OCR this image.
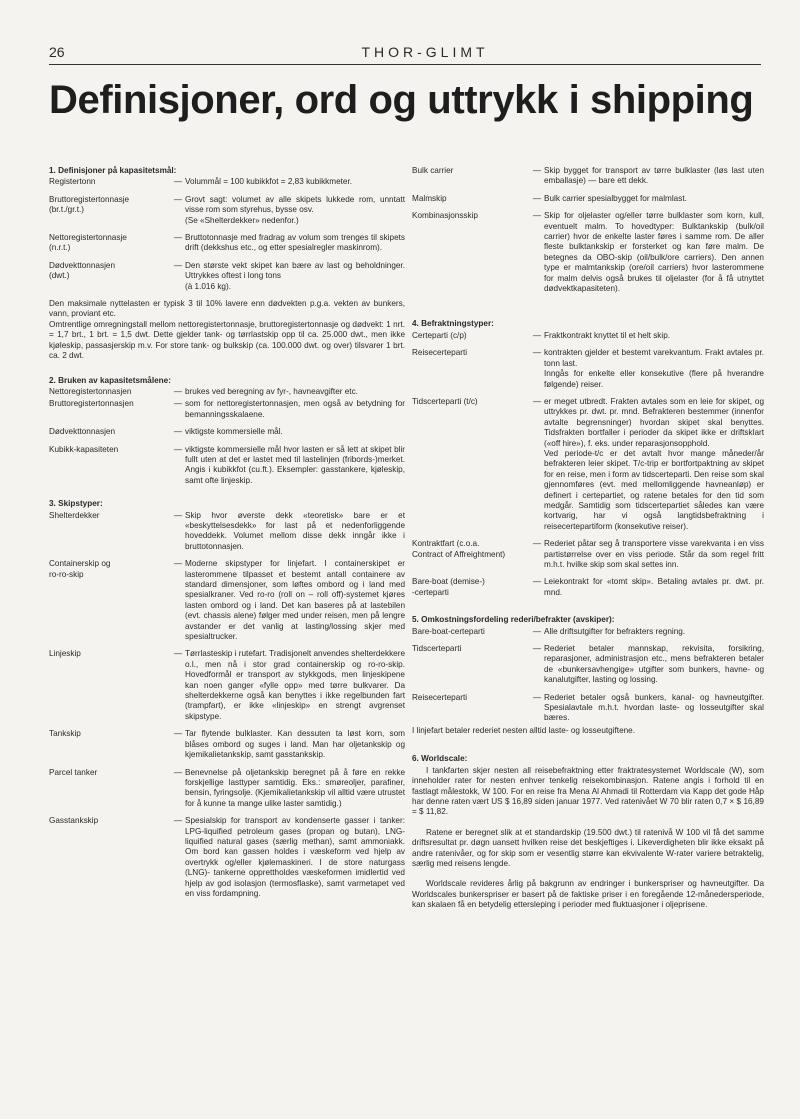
26	THOR-GLIMT
Definisjoner, ord og uttrykk i shipping
1. Definisjoner på kapasitetsmål:
Registertonn	— Volummål = 100 kubikkfot = 2,83 kubikkmeter.
Bruttoregistertonnasje
(br.t./gr.t.)
— Grovt sagt: volumet av alle skipets lukkede rom, unntatt visse rom som styrehus, bysse osv.
(Se «Shelterdekker» nedenfor.)
Nettoregistertonnasje
(n.r.t.)
— Bruttotonnasje med fradrag av volum som trenges til skipets drift (dekkshus etc., og etter spesialregler maskinrom).
Dødvekttonnasjen
(dwt.)
— Den største vekt skipet kan bære av last og beholdninger. Uttrykkes oftest i long tons
(à 1.016 kg).
Den maksimale nyttelasten er typisk 3 til 10% lavere enn dødvekten p.g.a. vekten av bunkers, vann, proviant etc.
Omtrentlige omregningstall mellom nettoregistertonnasje, bruttoregistertonnasje og dødvekt: 1 nrt. = 1,7 brt., 1 brt. = 1,5 dwt. Dette gjelder tank- og tørrlastskip opp til ca. 25.000 dwt., men ikke kjøleskip, passasjerskip m.v. For store tank- og bulkskip (ca. 100.000 dwt. og over) tilsvarer 1 brt. ca. 2 dwt.
2. Bruken av kapasitetsmålene:
Nettoregistertonnasjen	— brukes ved beregning av fyr-, havneavgifter etc.
Bruttoregistertonnasjen	— som for nettoregistertonnasjen, men også av betydning for bemanningsskalaene.
Dødvekttonnasjen	— viktigste kommersielle mål.
Kubikk-kapasiteten	— viktigste kommersielle mål hvor lasten er så lett at skipet blir fullt uten at det er lastet med til lastelinjen (fribords-)merket. Angis i kubikkfot (cu.ft.). Eksempler: gasstankere, kjøleskip, samt ofte linjeskip.
3. Skipstyper:
Shelterdekker	— Skip hvor øverste dekk «teoretisk» bare er et «beskyttelsesdekk» for last på et nedenforliggende hoveddekk. Volumet mellom disse dekk inngår ikke i bruttotonnasjen.
Containerskip og
ro-ro-skip
— Moderne skipstyper for linjefart. I containerskipet er lasterommene tilpasset et bestemt antall containere av standard dimensjoner, som løftes ombord og i land med spesialkraner. Ved ro-ro (roll on – roll off)-systemet kjøres lasten ombord og i land. Det kan baseres på at lastebilen (evt. chassis alene) følger med under reisen, men på lengre avstander er det vanlig at lasting/lossing skjer med spesialtrucker.
Linjeskip	— Tørrlasteskip i rutefart. Tradisjonelt anvendes shelterdekkere o.l., men nå i stor grad containerskip og ro-ro-skip. Hovedformål er transport av stykkgods, men linjeskipene kan noen ganger «fylle opp» med tørre bulkvarer. Da shelterdekkerne også kan benyttes i ikke regelbunden fart (trampfart), er ikke «linjeskip» en strengt avgrenset skipstype.
Tankskip	— Tar flytende bulklaster. Kan dessuten ta løst korn, som blåses ombord og suges i land. Man har oljetankskip og kjemikalietankskip, samt gasstankskip.
Parcel tanker	— Benevnelse på oljetankskip beregnet på å føre en rekke forskjellige lasttyper samtidig. Eks.: smøreoljer, parafiner, bensin, fyringsolje. (Kjemikalietankskip vil alltid være utrustet for å kunne ta mange ulike laster samtidig.)
Gasstankskip	— Spesialskip for transport av kondenserte gasser i tanker: LPG-liquified petroleum gases (propan og butan), LNG-liquified natural gases (særlig methan), samt ammoniakk. Om bord kan gassen holdes i væskeform ved hjelp av overtrykk og/eller kjølemaskineri. I de store naturgass (LNG)- tankerne opprettholdes væskeformen imidlertid ved hjelp av god isolasjon (termosflaske), samt varmetapet ved en viss fordampning.
Bulk carrier	— Skip bygget for transport av tørre bulklaster (løs last uten emballasje) — bare ett dekk.
Malmskip	— Bulk carrier spesialbygget for malmlast.
Kombinasjonsskip	— Skip for oljelaster og/eller tørre bulklaster som korn, kull, eventuelt malm. To hovedtyper: Bulktankskip (bulk/oil carrier) hvor de enkelte laster føres i samme rom. De aller fleste bulktankskip er forsterket og kan føre malm. De betegnes da OBO-skip (oil/bulk/ore carriers). Den annen type er malmtankskip (ore/oil carriers) hvor lasterommene for malm delvis også brukes til oljelaster (for å få utnyttet dødvektkapasiteten).
4. Befraktningstyper:
Certeparti (c/p)	— Fraktkontrakt knyttet til et helt skip.
Reisecerteparti	— kontrakten gjelder et bestemt varekvantum. Frakt avtales pr. tonn last.
Inngås for enkelte eller konsekutive (flere på hverandre følgende) reiser.
Tidscerteparti (t/c)	— er meget utbredt. Frakten avtales som en leie for skipet, og uttrykkes pr. dwt. pr. mnd. Befrakteren bestemmer (innenfor avtalte begrensninger) hvordan skipet skal benyttes. Tidsfrakten bortfaller i perioder da skipet ikke er driftsklart («off hire»), f. eks. under reparasjonsopphold.
Ved periode-t/c er det avtalt hvor mange måneder/år befrakteren leier skipet. T/c-trip er bortfortpaktning av skipet for en reise, men i form av tidscerteparti. Den reise som skal gjennomføres (evt. med mellomliggende havneanløp) er definert i certepartiet, og ratene betales for den tid som medgår. Samtidig som tidscertepartiet således kan være kortvarig, har vi også langtidsbefraktning i reisecertepartiform (konsekutive reiser).
Kontraktfart (c.o.a.
Contract of Affreightment)
— Rederiet påtar seg å transportere visse varekvanta i en viss partistørrelse over en viss periode. Står da som regel fritt m.h.t. hvilke skip som skal settes inn.
Bare-boat (demise-)
-certeparti
— Leiekontrakt for «tomt skip». Betaling avtales pr. dwt. pr. mnd.
5. Omkostningsfordeling rederi/befrakter (avskiper):
Bare-boat-certeparti	— Alle driftsutgifter for befrakters regning.
Tidscerteparti	— Rederiet betaler mannskap, rekvisita, forsikring, reparasjoner, administrasjon etc., mens befrakteren betaler de «bunkersavhengige» utgifter som bunkers, havne- og kanalutgifter, lasting og lossing.
Reisecerteparti	— Rederiet betaler også bunkers, kanal- og havneutgifter. Spesialavtale m.h.t. hvordan laste- og losseutgifter skal bæres.
I linjefart betaler rederiet nesten alltid laste- og losseutgiftene.
6. Worldscale:
I tankfarten skjer nesten all reisebefraktning etter fraktratesystemet Worldscale (W), som inneholder rater for nesten enhver tenkelig reisekombinasjon. Ratene angis i forhold til en fastlagt målestokk, W 100. For en reise fra Mena Al Ahmadi til Rotterdam via Kapp det gode Håp har denne raten vært US $ 16,89 siden januar 1977. Ved ratenivået W 70 blir raten 0,7 × $ 16,89 = $ 11,82.
Ratene er beregnet slik at et standardskip (19.500 dwt.) til ratenivå W 100 vil få det samme driftsresultat pr. døgn uansett hvilken reise det beskjeftiges i. Likeverdigheten blir ikke eksakt på andre ratenivåer, og for skip som er vesentlig større kan ekvivalente W-rater variere betraktelig, særlig med reisens lengde.
Worldscale revideres årlig på bakgrunn av endringer i bunkerspriser og havneutgifter. Da Worldscales bunkerspriser er basert på de faktiske priser i en foregående 12-månedersperiode, kan skalaen få en betydelig ettersleping i perioder med fluktuasjoner i oljeprisene.
